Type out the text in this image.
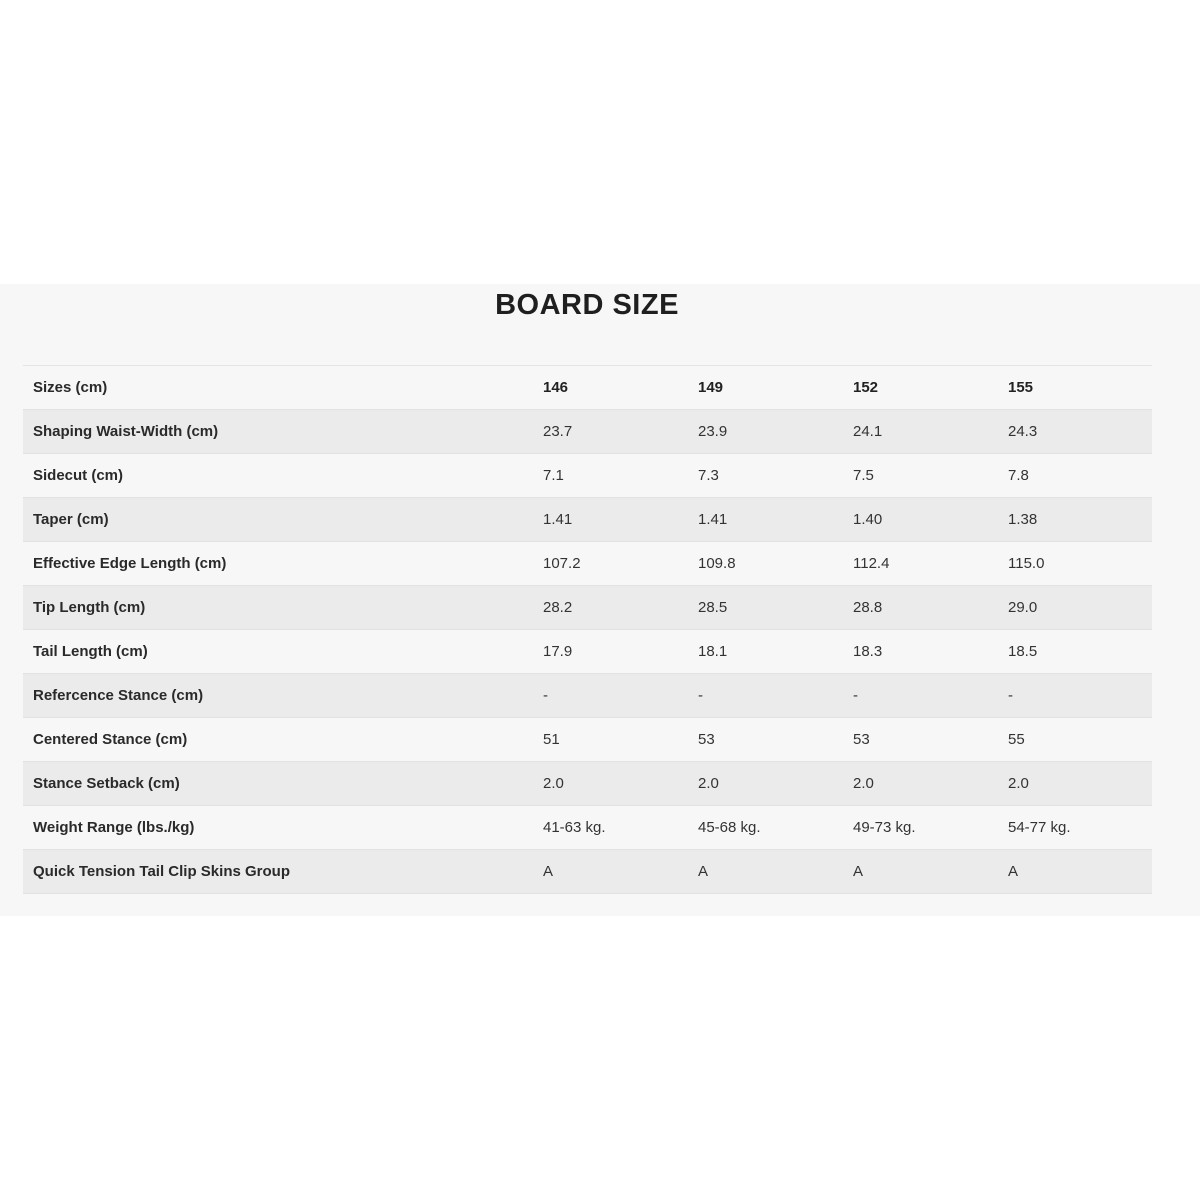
BOARD SIZE
Sizes (cm)	146	149	152	155
Shaping Waist-Width (cm)	23.7	23.9	24.1	24.3
Sidecut (cm)	7.1	7.3	7.5	7.8
Taper (cm)	1.41	1.41	1.40	1.38
Effective Edge Length (cm)	107.2	109.8	112.4	115.0
Tip Length (cm)	28.2	28.5	28.8	29.0
Tail Length (cm)	17.9	18.1	18.3	18.5
Refercence Stance (cm)	-	-	-	-
Centered Stance (cm)	51	53	53	55
Stance Setback (cm)	2.0	2.0	2.0	2.0
Weight Range (lbs./kg)	41-63 kg.	45-68 kg.	49-73 kg.	54-77 kg.
Quick Tension Tail Clip Skins Group	A	A	A	A
